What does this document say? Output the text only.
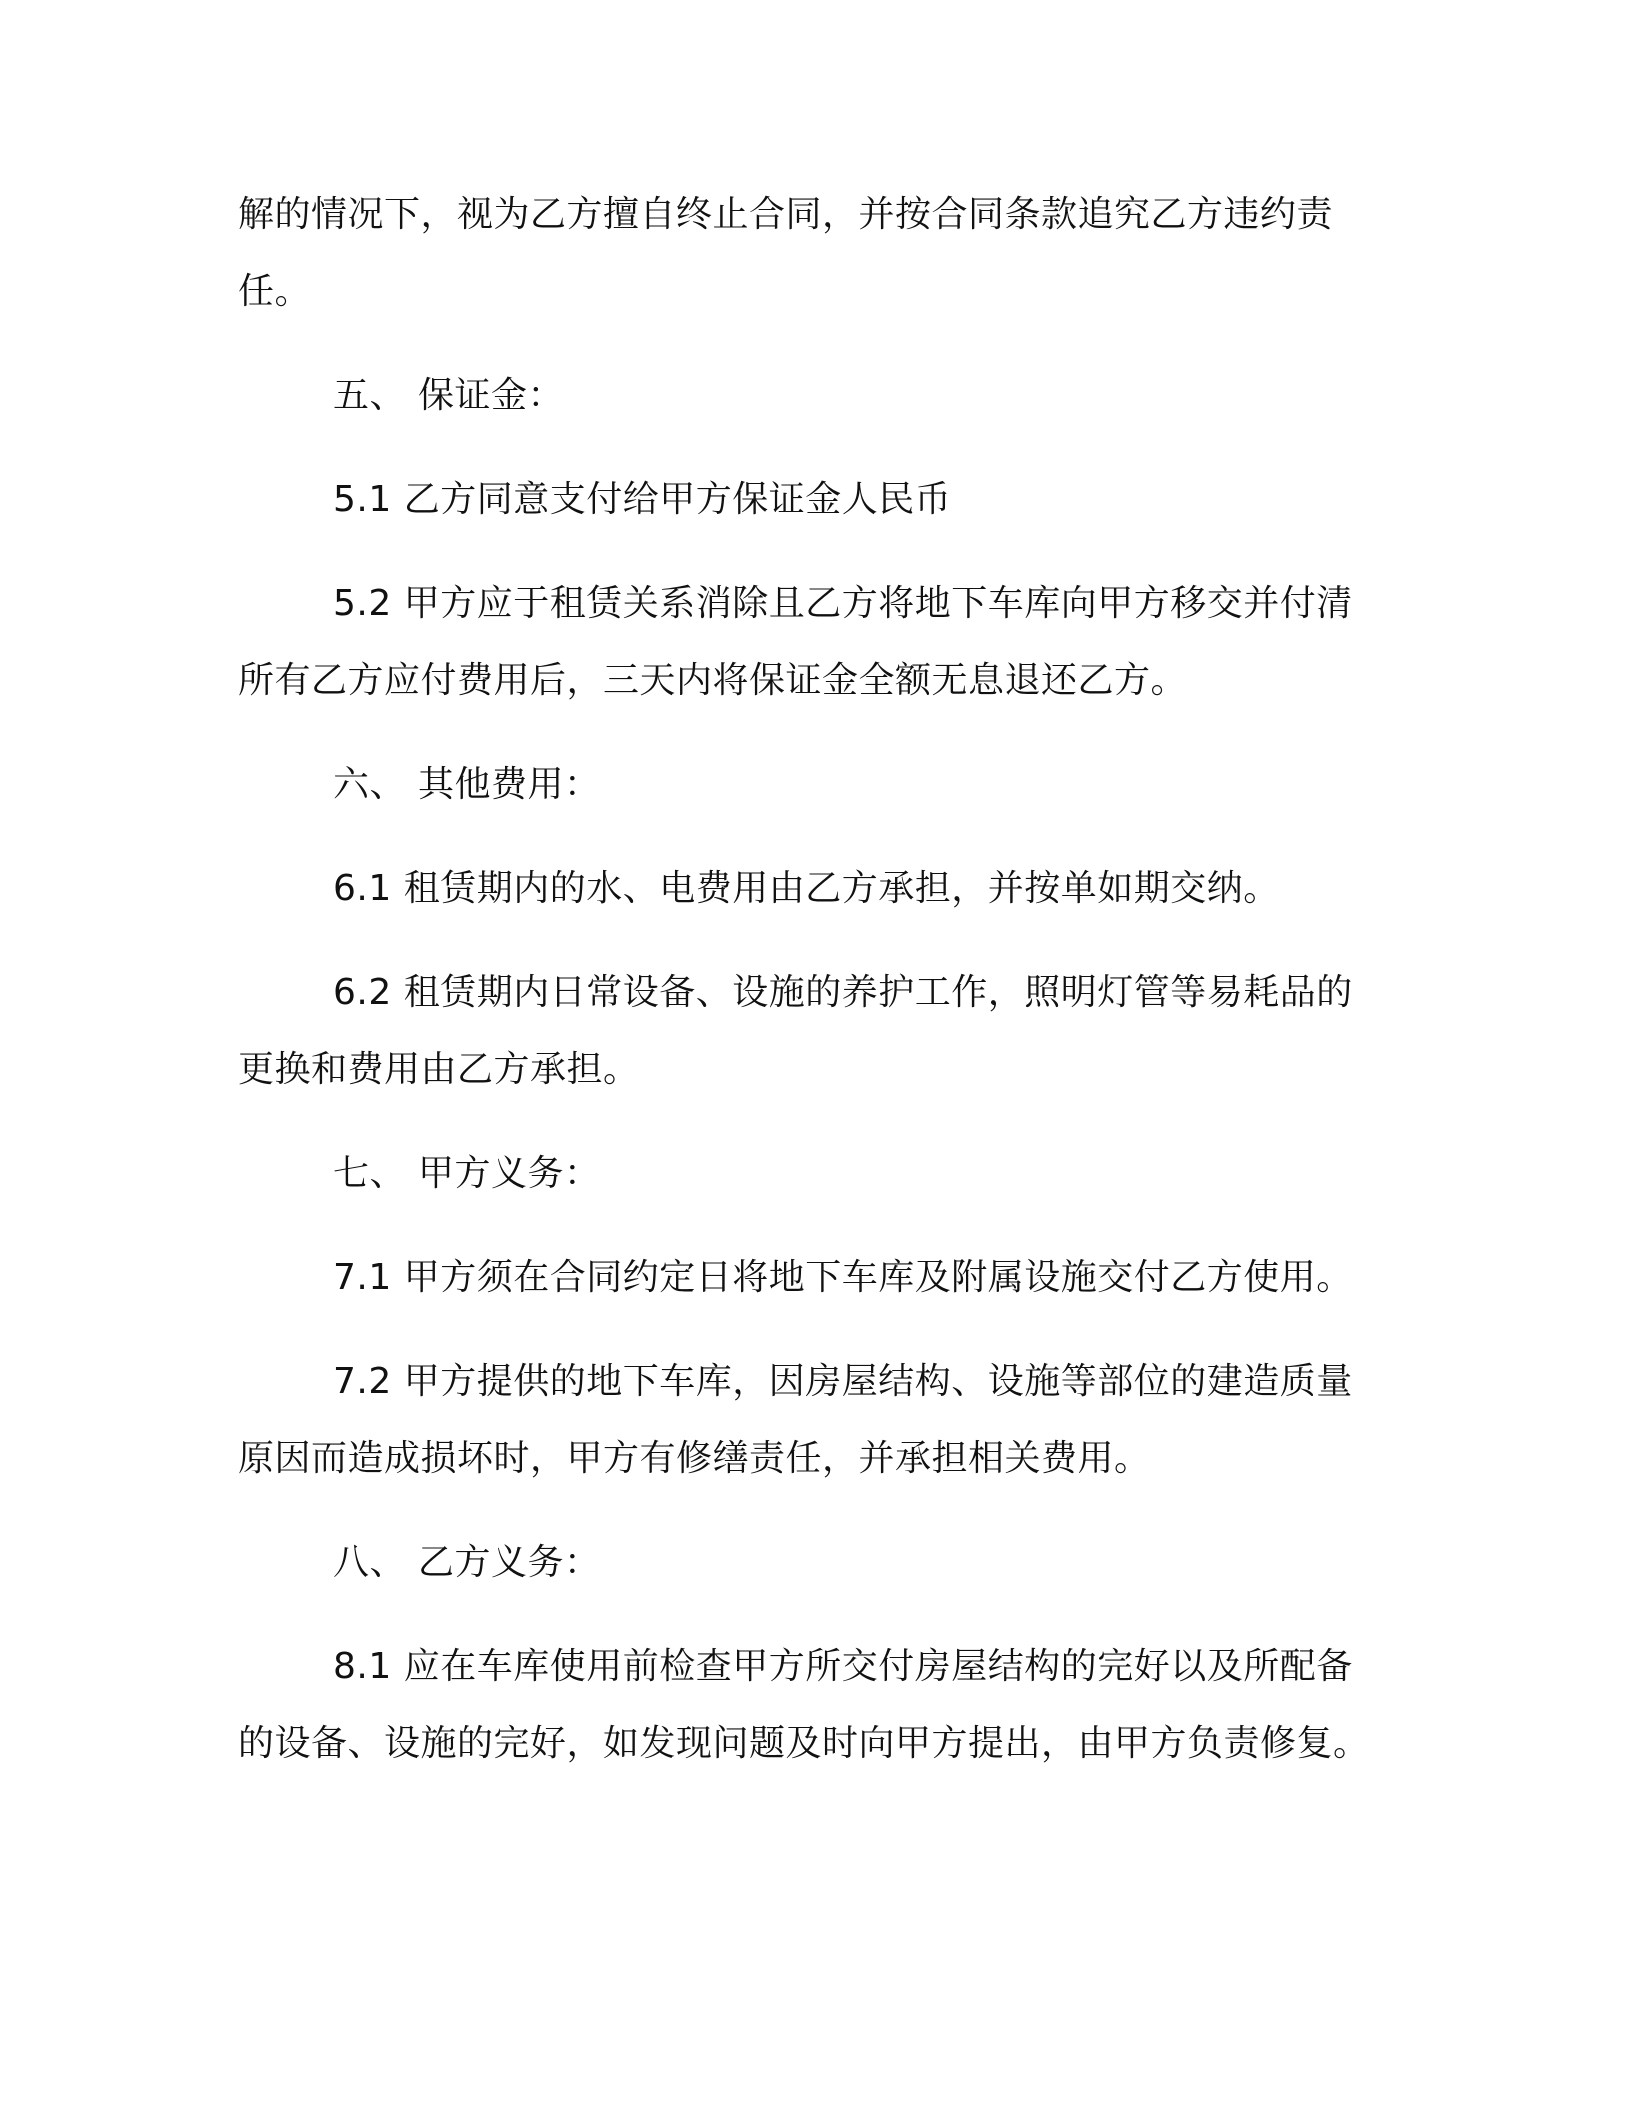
解的情况下，视为乙方擅自终止合同，并按合同条款追究乙方违约责
任。
五、 保证金：
5.1 乙方同意支付给甲方保证金人民币
5.2 甲方应于租赁关系消除且乙方将地下车库向甲方移交并付清
所有乙方应付费用后，三天内将保证金全额无息退还乙方。
六、 其他费用：
6.1 租赁期内的水、电费用由乙方承担，并按单如期交纳。
6.2 租赁期内日常设备、设施的养护工作，照明灯管等易耗品的
更换和费用由乙方承担。
七、 甲方义务：
7.1 甲方须在合同约定日将地下车库及附属设施交付乙方使用。
7.2 甲方提供的地下车库，因房屋结构、设施等部位的建造质量
原因而造成损坏时，甲方有修缮责任，并承担相关费用。
八、 乙方义务：
8.1 应在车库使用前检查甲方所交付房屋结构的完好以及所配备
的设备、设施的完好，如发现问题及时向甲方提出，由甲方负责修复。
